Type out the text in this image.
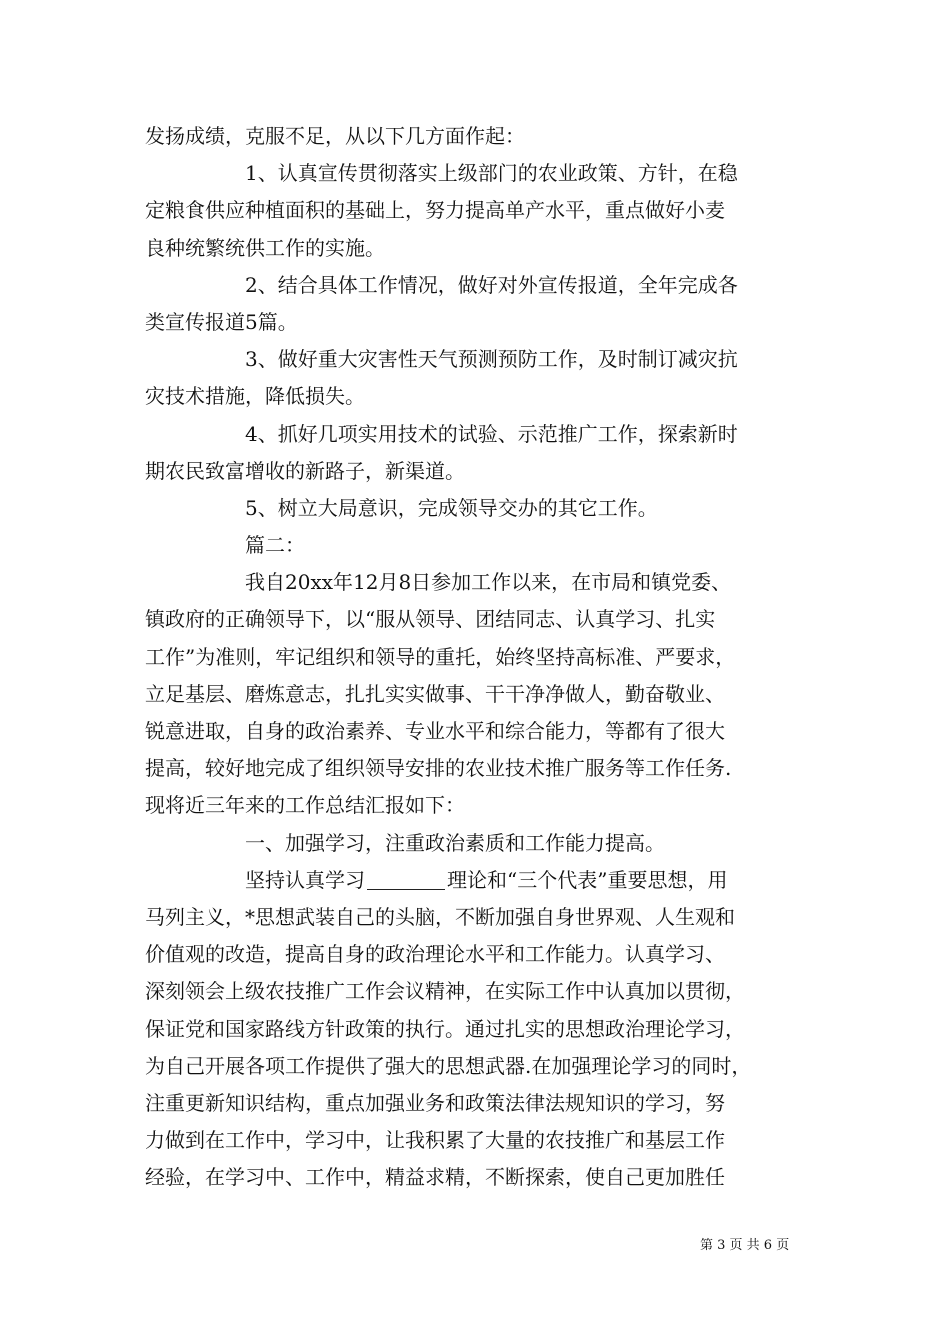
发扬成绩，克服不足，从以下几方面作起：
1、认真宣传贯彻落实上级部门的农业政策、方针，在稳
定粮食供应种植面积的基础上，努力提高单产水平，重点做好小麦
良种统繁统供工作的实施。
2、结合具体工作情况，做好对外宣传报道，全年完成各
类宣传报道5篇。
3、做好重大灾害性天气预测预防工作，及时制订减灾抗
灾技术措施，降低损失。
4、抓好几项实用技术的试验、示范推广工作，探索新时
期农民致富增收的新路子，新渠道。
5、树立大局意识，完成领导交办的其它工作。
篇二：
我自20xx年12月8日参加工作以来，在市局和镇党委、
镇政府的正确领导下，以“服从领导、团结同志、认真学习、扎实
工作”为准则，牢记组织和领导的重托，始终坚持高标准、严要求，
立足基层、磨炼意志，扎扎实实做事、干干净净做人，勤奋敬业、
锐意进取，自身的政治素养、专业水平和综合能力，等都有了很大
提高，较好地完成了组织领导安排的农业技术推广服务等工作任务.
现将近三年来的工作总结汇报如下：
一、加强学习，注重政治素质和工作能力提高。
坚持认真学习	理论和“三个代表”重要思想，用
马列主义，*思想武装自己的头脑，不断加强自身世界观、人生观和
价值观的改造，提高自身的政治理论水平和工作能力。认真学习、
深刻领会上级农技推广工作会议精神，在实际工作中认真加以贯彻，
保证党和国家路线方针政策的执行。通过扎实的思想政治理论学习，
为自己开展各项工作提供了强大的思想武器.在加强理论学习的同时，
注重更新知识结构，重点加强业务和政策法律法规知识的学习，努
力做到在工作中，学习中，让我积累了大量的农技推广和基层工作
经验，在学习中、工作中，精益求精，不断探索，使自己更加胜任
第 3 页 共 6 页
